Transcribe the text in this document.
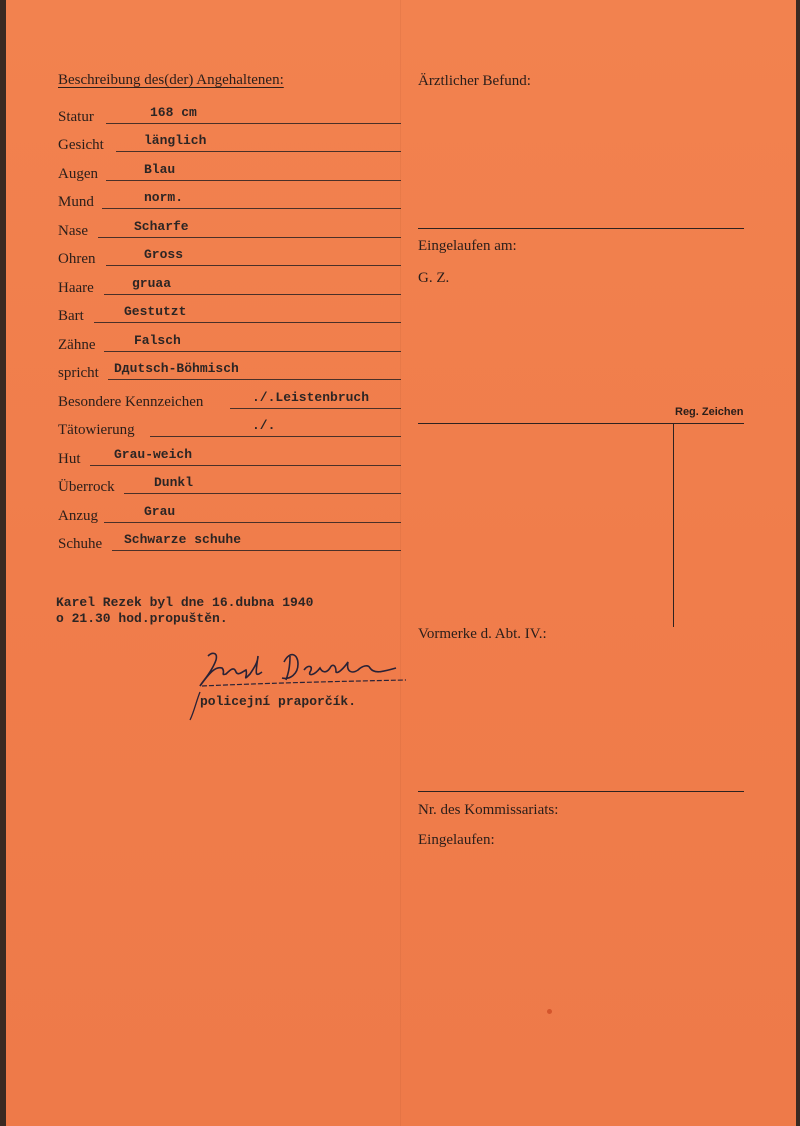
Beschreibung des(der) Angehaltenen:
Statur	168 cm
Gesicht	länglich
Augen	Blau
Mund	norm.
Nase	Scharfe
Ohren	Gross
Haare	gruaa
Bart	Gestutzt
Zähne	Falsch
spricht Dдutsch-Böhmisch
Besondere Kennzeichen	./.Leistenbruch
Tätowierung	./.
Hut	Grau-weich
Überrock	Dunkl
Anzug	Grau
Schuhe Schwarze schuhe
Karel Rezek byl dne 16.dubna 1940
o 21.30 hod.propuštěn.
policejní praporčík.
Ärztlicher Befund:
Eingelaufen am:
G. Z.
Reg. Zeichen
Vormerke d. Abt. IV.:
Nr. des Kommissariats:
Eingelaufen:
